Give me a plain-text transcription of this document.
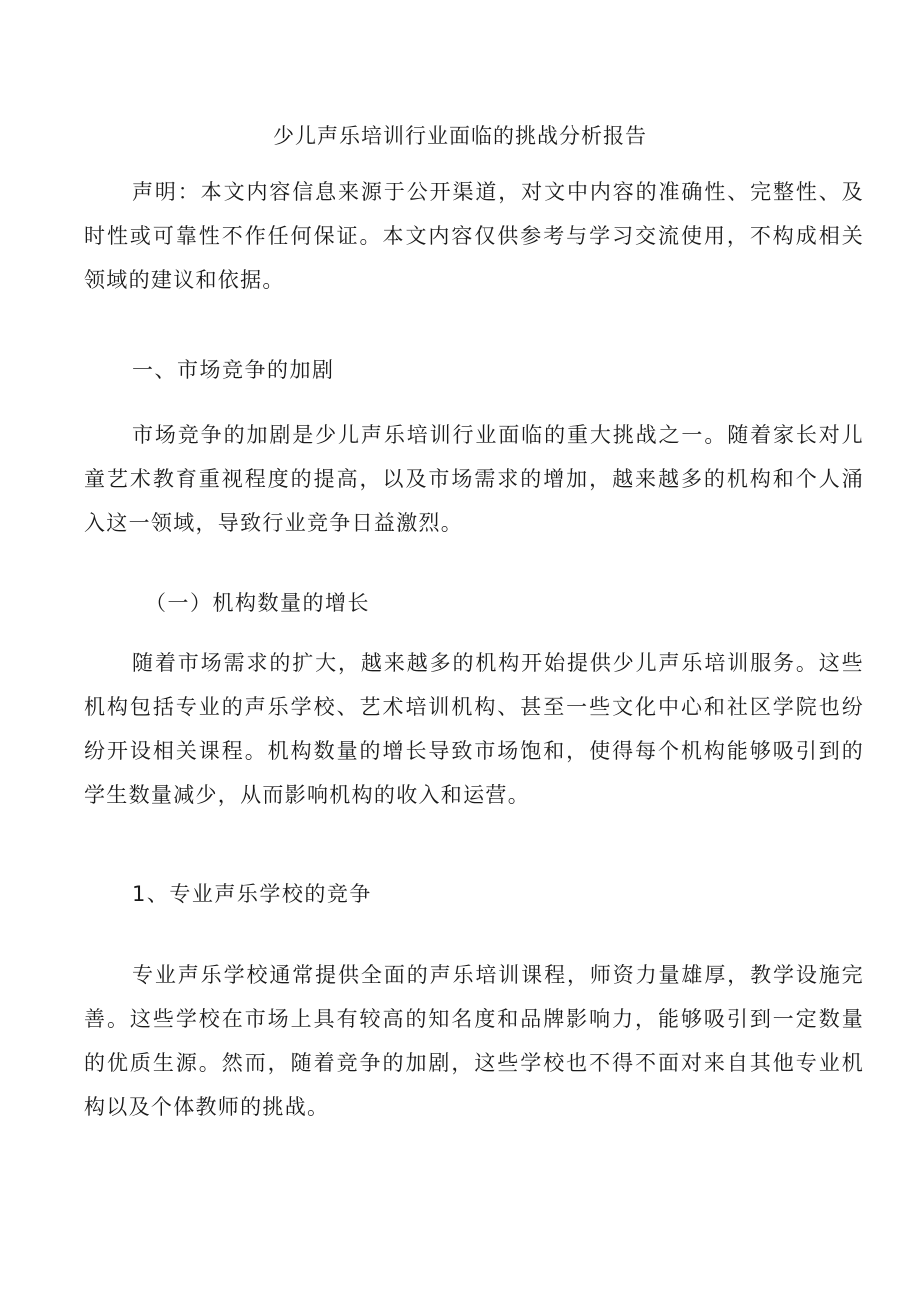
少儿声乐培训行业面临的挑战分析报告

声明：本文内容信息来源于公开渠道，对文中内容的准确性、完整性、及时性或可靠性不作任何保证。本文内容仅供参考与学习交流使用，不构成相关领域的建议和依据。

一、市场竞争的加剧

市场竞争的加剧是少儿声乐培训行业面临的重大挑战之一。随着家长对儿童艺术教育重视程度的提高，以及市场需求的增加，越来越多的机构和个人涌入这一领域，导致行业竞争日益激烈。

（一）机构数量的增长

随着市场需求的扩大，越来越多的机构开始提供少儿声乐培训服务。这些机构包括专业的声乐学校、艺术培训机构、甚至一些文化中心和社区学院也纷纷开设相关课程。机构数量的增长导致市场饱和，使得每个机构能够吸引到的学生数量减少，从而影响机构的收入和运营。

1、专业声乐学校的竞争

专业声乐学校通常提供全面的声乐培训课程，师资力量雄厚，教学设施完善。这些学校在市场上具有较高的知名度和品牌影响力，能够吸引到一定数量的优质生源。然而，随着竞争的加剧，这些学校也不得不面对来自其他专业机构以及个体教师的挑战。
